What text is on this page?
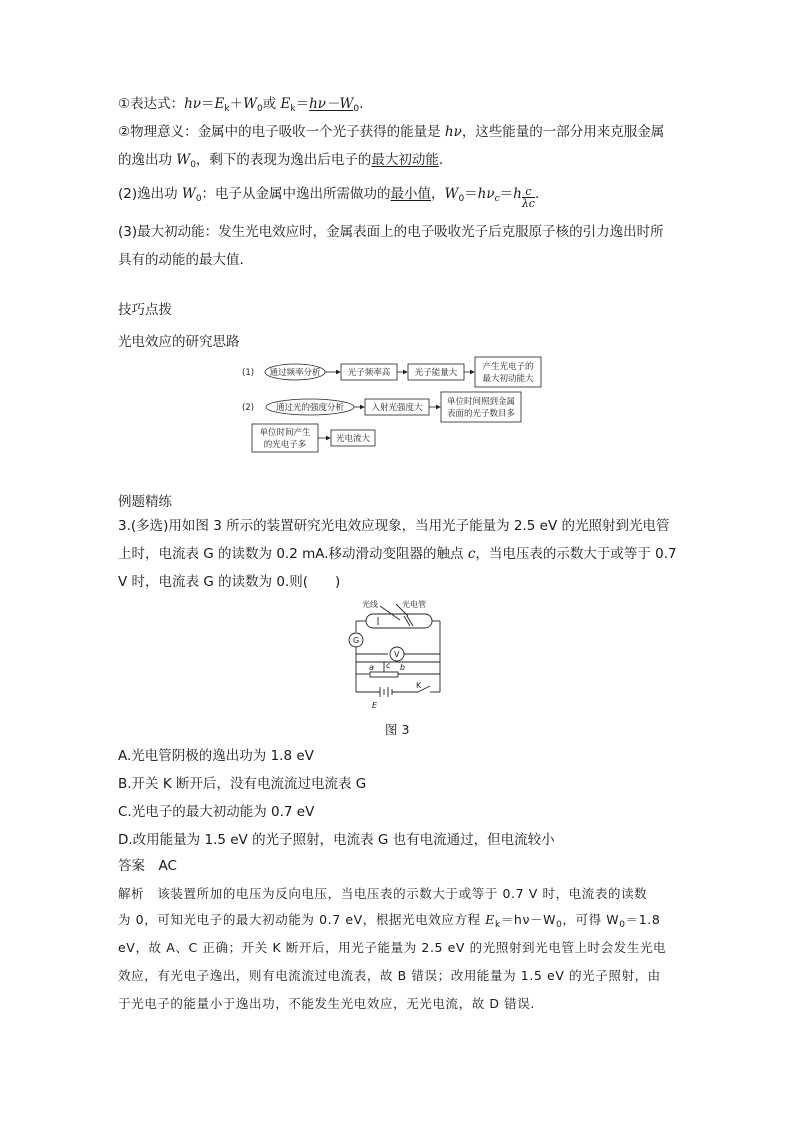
①表达式：$h\nu=E_k+W_0$或 $E_k=h\nu-W_0$.
②物理意义：金属中的电子吸收一个光子获得的能量是 hν，这些能量的一部分用来克服金属
的逸出功 $W_0$，剩下的表现为逸出后电子的最大初动能.
(2)逸出功 $W_0$：电子从金属中逸出所需做功的最小值，$W_0=h\nu_c=h \frac{c}{\lambda c}$ .
(3)最大初动能：发生光电效应时，金属表面上的电子吸收光子后克服原子核的引力逸出时所
具有的动能的最大值.
技巧点拨
光电效应的研究思路
(1) 通过频率分析	光子频率高	光子能量大
产生光电子的
最大初动能大
(2)	通过光的强度分析	入射光强度大
单位时间照到金属
表面的光子数目多
单位时间产生
的光电子多
光电流大
例题精练
3.(多选)用如图 3 所示的装置研究光电效应现象，当用光子能量为 2.5 eV 的光照射到光电管
上时，电流表 G 的读数为 0.2 mA.移动滑动变阻器的触点 c，当电压表的示数大于或等于 0.7
V 时，电流表 G 的读数为 0.则(　　)
光线	光电管
G
V
a c b
K
E
图 3
A.光电管阴极的逸出功为 1.8 eV
B.开关 K 断开后，没有电流流过电流表 G
C.光电子的最大初动能为 0.7 eV
D.改用能量为 1.5 eV 的光子照射，电流表 G 也有电流通过，但电流较小
答案　 AC
解析　 该装置所加的电压为反向电压，当电压表的示数大于或等于 0.7 V 时，电流表的读数
为 0，可知光电子的最大初动能为 0.7 eV，根据光电效应方程 $E_k=h\nu-W_0$，可得 $W_0=1.8$
eV，故 A、C 正确；开关 K 断开后，用光子能量为 2.5 eV 的光照射到光电管上时会发生光电
效应，有光电子逸出，则有电流流过电流表，故 B 错误；改用能量为 1.5 eV 的光子照射，由
于光电子的能量小于逸出功，不能发生光电效应，无光电流，故 D 错误.
